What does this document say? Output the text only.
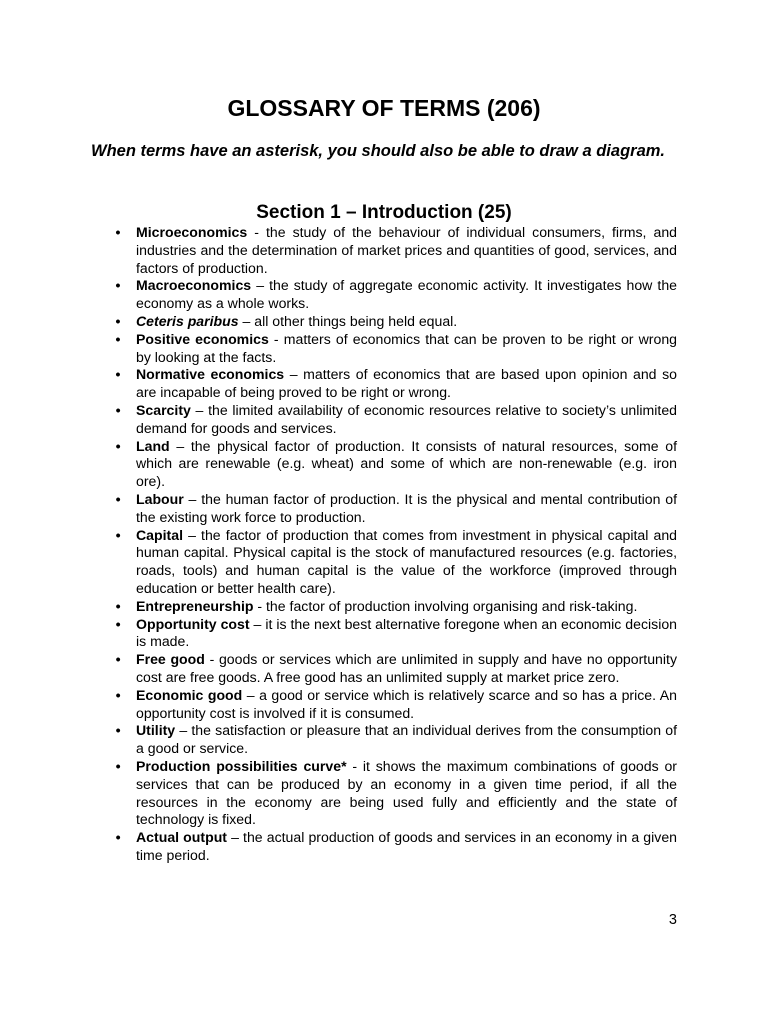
GLOSSARY OF TERMS (206)
When terms have an asterisk, you should also be able to draw a diagram.
Section 1 – Introduction (25)
•	Microeconomics - the study of the behaviour of individual consumers, firms, and industries and the determination of market prices and quantities of good, services, and factors of production.
•	Macroeconomics – the study of aggregate economic activity. It investigates how the economy as a whole works.
•	Ceteris paribus – all other things being held equal.
•	Positive economics - matters of economics that can be proven to be right or wrong by looking at the facts.
•	Normative economics – matters of economics that are based upon opinion and so are incapable of being proved to be right or wrong.
•	Scarcity – the limited availability of economic resources relative to society’s unlimited demand for goods and services.
•	Land – the physical factor of production. It consists of natural resources, some of which are renewable (e.g. wheat) and some of which are non-renewable (e.g. iron ore).
•	Labour – the human factor of production. It is the physical and mental contribution of the existing work force to production.
•	Capital – the factor of production that comes from investment in physical capital and human capital. Physical capital is the stock of manufactured resources (e.g. factories, roads, tools) and human capital is the value of the workforce (improved through education or better health care).
•	Entrepreneurship - the factor of production involving organising and risk-taking.
•	Opportunity cost – it is the next best alternative foregone when an economic decision is made.
•	Free good - goods or services which are unlimited in supply and have no opportunity cost are free goods. A free good has an unlimited supply at market price zero.
•	Economic good – a good or service which is relatively scarce and so has a price. An opportunity cost is involved if it is consumed.
•	Utility – the satisfaction or pleasure that an individual derives from the consumption of a good or service.
•	Production possibilities curve* - it shows the maximum combinations of goods or services that can be produced by an economy in a given time period, if all the resources in the economy are being used fully and efficiently and the state of technology is fixed.
•	Actual output – the actual production of goods and services in an economy in a given time period.
3
